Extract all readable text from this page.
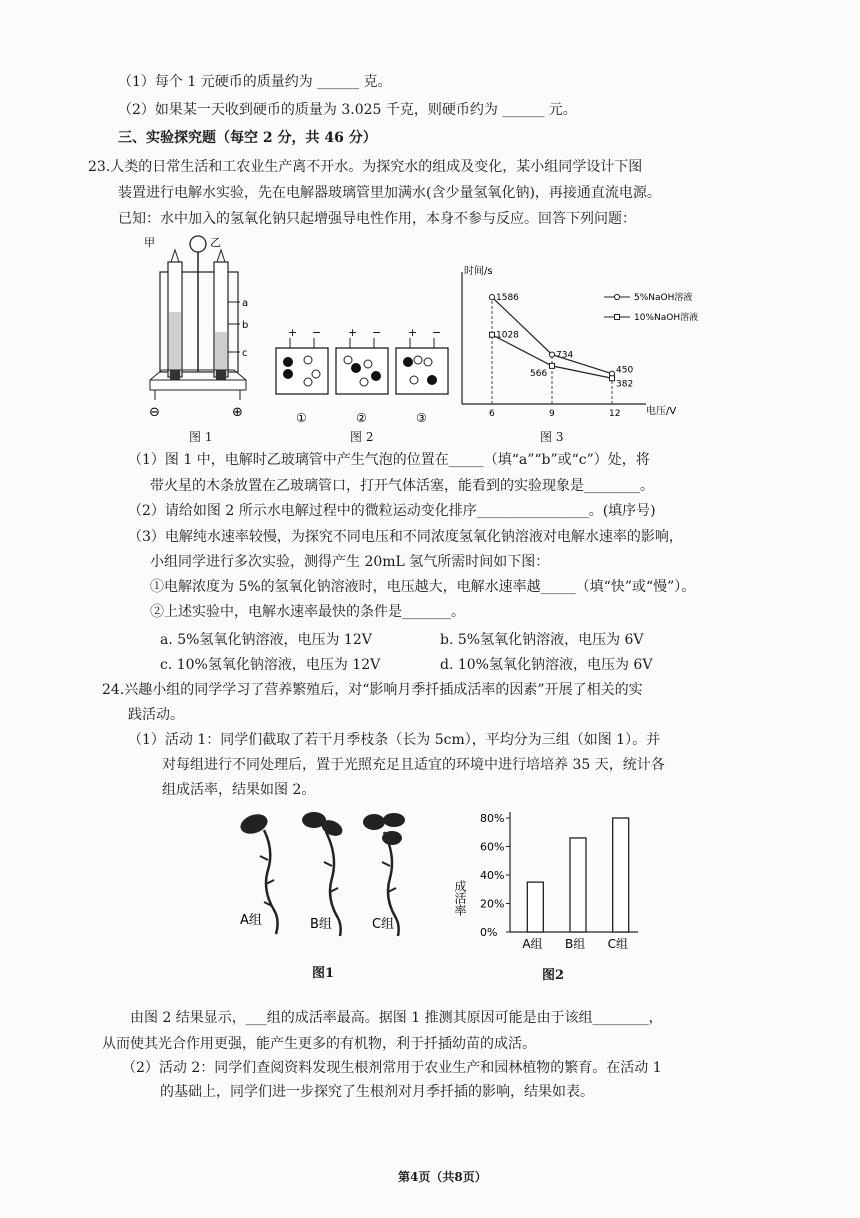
（1）每个 1 元硬币的质量约为 ______ 克。
（2）如果某一天收到硬币的质量为 3.025 千克，则硬币约为 ______ 元。
三、实验探究题（每空 2 分，共 46 分）
23.人类的日常生活和工农业生产离不开水。为探究水的组成及变化，某小组同学设计下图
装置进行电解水实验，先在电解器玻璃管里加满水(含少量氢氧化钠)，再接通直流电源。
已知：水中加入的氢氧化钠只起增强导电性作用，本身不参与反应。回答下列问题：
甲	乙
a
b
c
⊖	⊕
图 1
+ − + − + −
①	②	③
图 2
时间/s
电压/V
5%NaOH溶液
10%NaOH溶液
6	9	12
1586
734
450
1028
566
382
图 3
（1）图 1 中，电解时乙玻璃管中产生气泡的位置在_____（填“a”“b”或“c”）处，将
带火星的木条放置在乙玻璃管口，打开气体活塞，能看到的实验现象是________。
（2）请给如图 2 所示水电解过程中的微粒运动变化排序________________。(填序号)
（3）电解纯水速率较慢，为探究不同电压和不同浓度氢氧化钠溶液对电解水速率的影响，
小组同学进行多次实验，测得产生 20mL 氢气所需时间如下图：
①电解浓度为 5%的氢氧化钠溶液时，电压越大，电解水速率越_____（填“快”或“慢”）。
②上述实验中，电解水速率最快的条件是_______。
a. 5%氢氧化钠溶液，电压为 12V	b. 5%氢氧化钠溶液，电压为 6V
c. 10%氢氧化钠溶液，电压为 12V	d. 10%氢氧化钠溶液，电压为 6V
24.兴趣小组的同学学习了营养繁殖后，对“影响月季扦插成活率的因素”开展了相关的实
践活动。
（1）活动 1：同学们截取了若干月季枝条（长为 5cm），平均分为三组（如图 1）。并
对每组进行不同处理后，置于光照充足且适宜的环境中进行培培养 35 天，统计各
组成活率，结果如图 2。
A组	B组	C组
图1
成活率
0%
20%
40%
60%
80%
A组 B组 C组
图2
由图 2 结果显示，___组的成活率最高。据图 1 推测其原因可能是由于该组________，
从而使其光合作用更强，能产生更多的有机物，利于扦插幼苗的成活。
（2）活动 2：同学们查阅资料发现生根剂常用于农业生产和园林植物的繁育。在活动 1
的基础上，同学们进一步探究了生根剂对月季扦插的影响，结果如表。
第4页（共8页）
